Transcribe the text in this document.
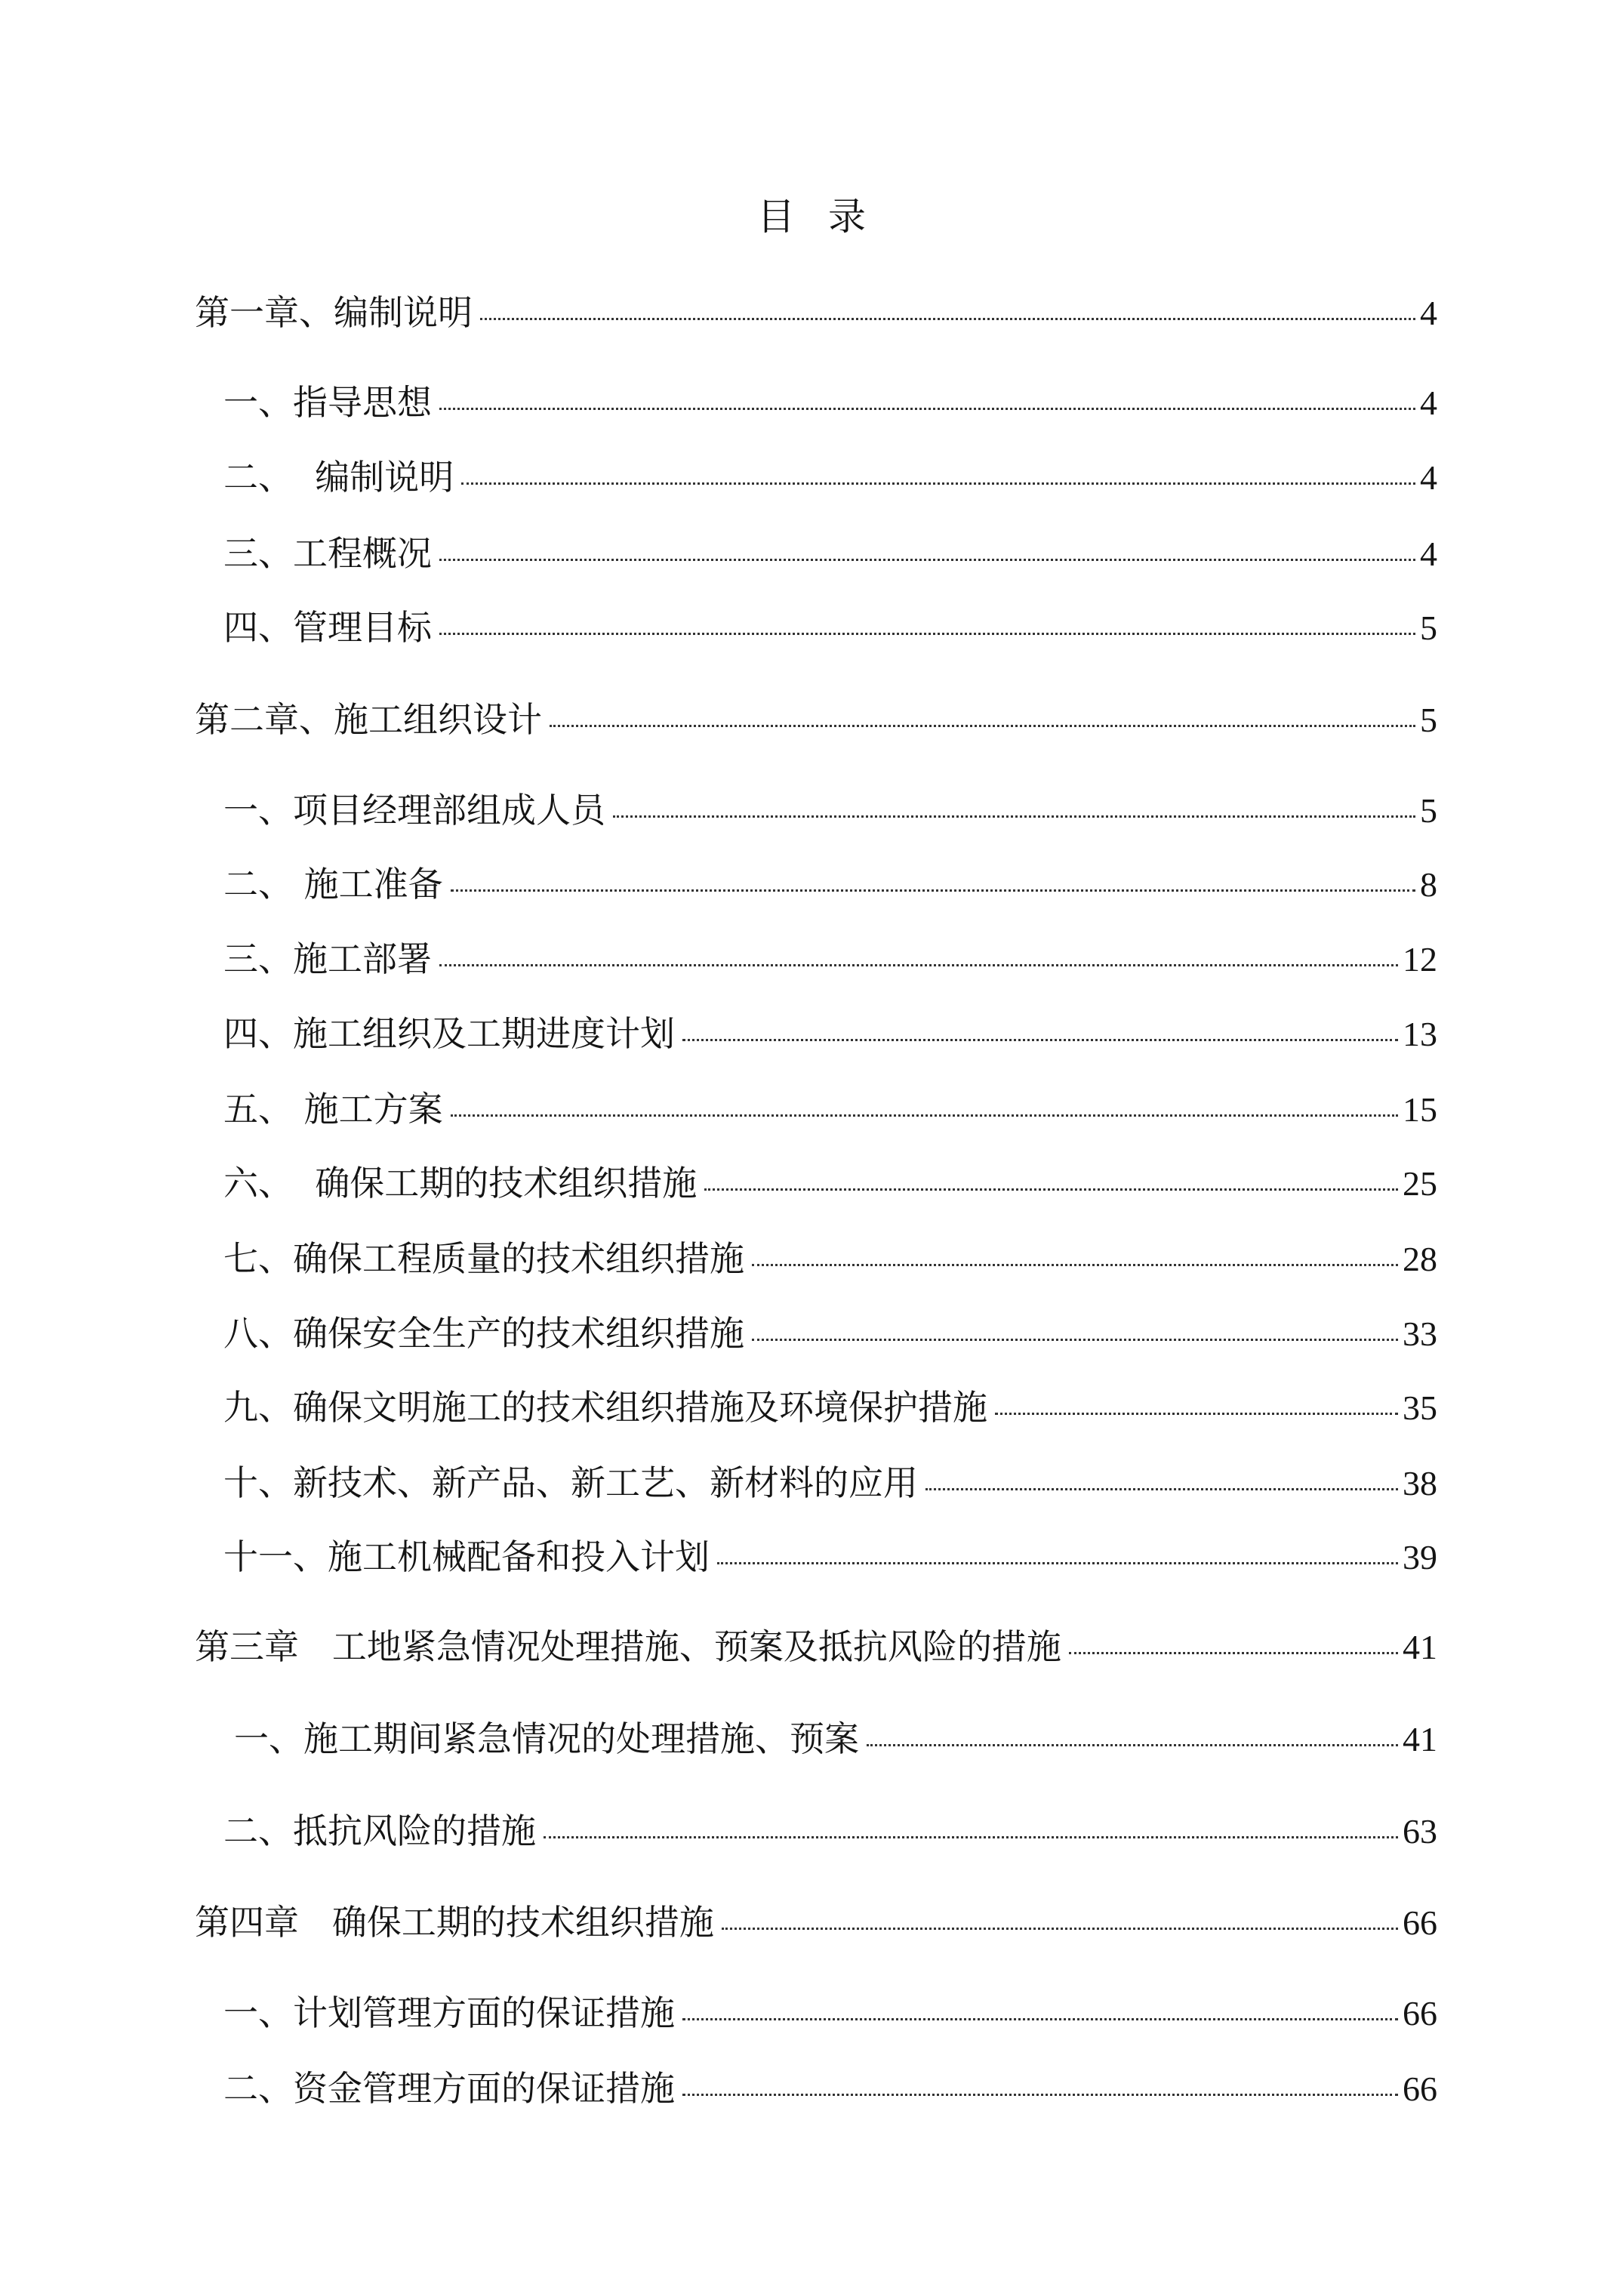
目 录
第一章、编制说明	4
一、指导思想	4
二、  编制说明	4
三、工程概况	4
四、管理目标	5
第二章、施工组织设计	5
一、项目经理部组成人员	5
二、 施工准备	8
三、施工部署	12
四、施工组织及工期进度计划	13
五、 施工方案	15
六、  确保工期的技术组织措施	25
七、确保工程质量的技术组织措施	28
八、确保安全生产的技术组织措施	33
九、确保文明施工的技术组织措施及环境保护措施	35
十、新技术、新产品、新工艺、新材料的应用	38
十一、施工机械配备和投入计划	39
第三章   工地紧急情况处理措施、预案及抵抗风险的措施	41
一、施工期间紧急情况的处理措施、预案	41
二、抵抗风险的措施	63
第四章   确保工期的技术组织措施	66
一、计划管理方面的保证措施	66
二、资金管理方面的保证措施	66
